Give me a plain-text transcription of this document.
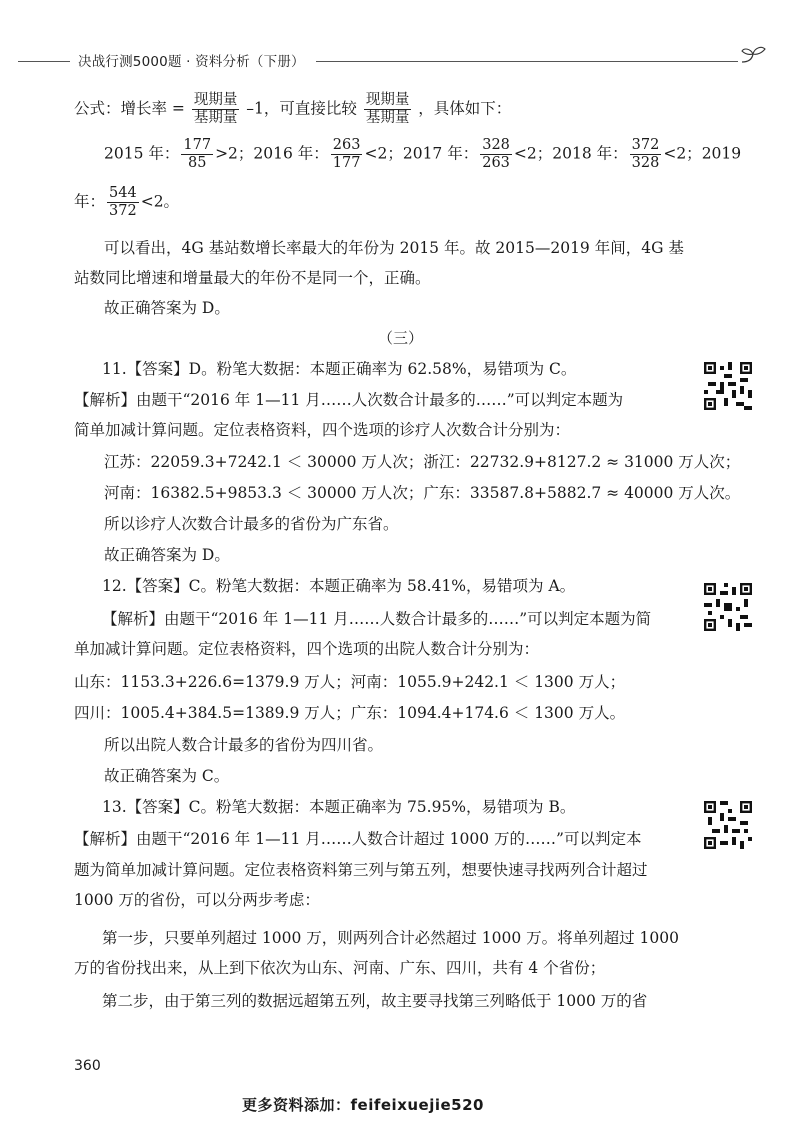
决战行测5000题 · 资料分析（下册）
公式：增长率 = $\frac{\text{现期量}}{\text{基期量}} -1$，可直接比较 $\frac{\text{现期量}}{\text{基期量}}$ ，具体如下：
2015 年： $\frac{177}{85} >2$；2016 年： $\frac{263}{177} <2$；2017 年： $\frac{328}{263} <2$；2018 年： $\frac{372}{328} <2$；2019
年： $\frac{544}{372} <2$。
可以看出，4G 基站数增长率最大的年份为 2015 年。故 2015—2019 年间，4G 基
站数同比增速和增量最大的年份不是同一个，正确。
故正确答案为 D。
（三）
11.【答案】D。粉笔大数据：本题正确率为 62.58%，易错项为 C。
【解析】由题干“2016 年 1—11 月……人次数合计最多的……”可以判定本题为
简单加减计算问题。定位表格资料，四个选项的诊疗人次数合计分别为：
江苏：22059.3+7242.1 ＜ 30000 万人次；浙江：22732.9+8127.2 ≈ 31000 万人次；
河南：16382.5+9853.3 ＜ 30000 万人次；广东：33587.8+5882.7 ≈ 40000 万人次。
所以诊疗人次数合计最多的省份为广东省。
故正确答案为 D。
12.【答案】C。粉笔大数据：本题正确率为 58.41%，易错项为 A。
【解析】由题干“2016 年 1—11 月……人数合计最多的……”可以判定本题为简
单加减计算问题。定位表格资料，四个选项的出院人数合计分别为：
山东：1153.3+226.6=1379.9 万人；河南：1055.9+242.1 ＜ 1300 万人；
四川：1005.4+384.5=1389.9 万人；广东：1094.4+174.6 ＜ 1300 万人。
所以出院人数合计最多的省份为四川省。
故正确答案为 C。
13.【答案】C。粉笔大数据：本题正确率为 75.95%，易错项为 B。
【解析】由题干“2016 年 1—11 月……人数合计超过 1000 万的……”可以判定本
题为简单加减计算问题。定位表格资料第三列与第五列，想要快速寻找两列合计超过
1000 万的省份，可以分两步考虑：
第一步，只要单列超过 1000 万，则两列合计必然超过 1000 万。将单列超过 1000
万的省份找出来，从上到下依次为山东、河南、广东、四川，共有 4 个省份；
第二步，由于第三列的数据远超第五列，故主要寻找第三列略低于 1000 万的省
360
更多资料添加：feifeixuejie520
